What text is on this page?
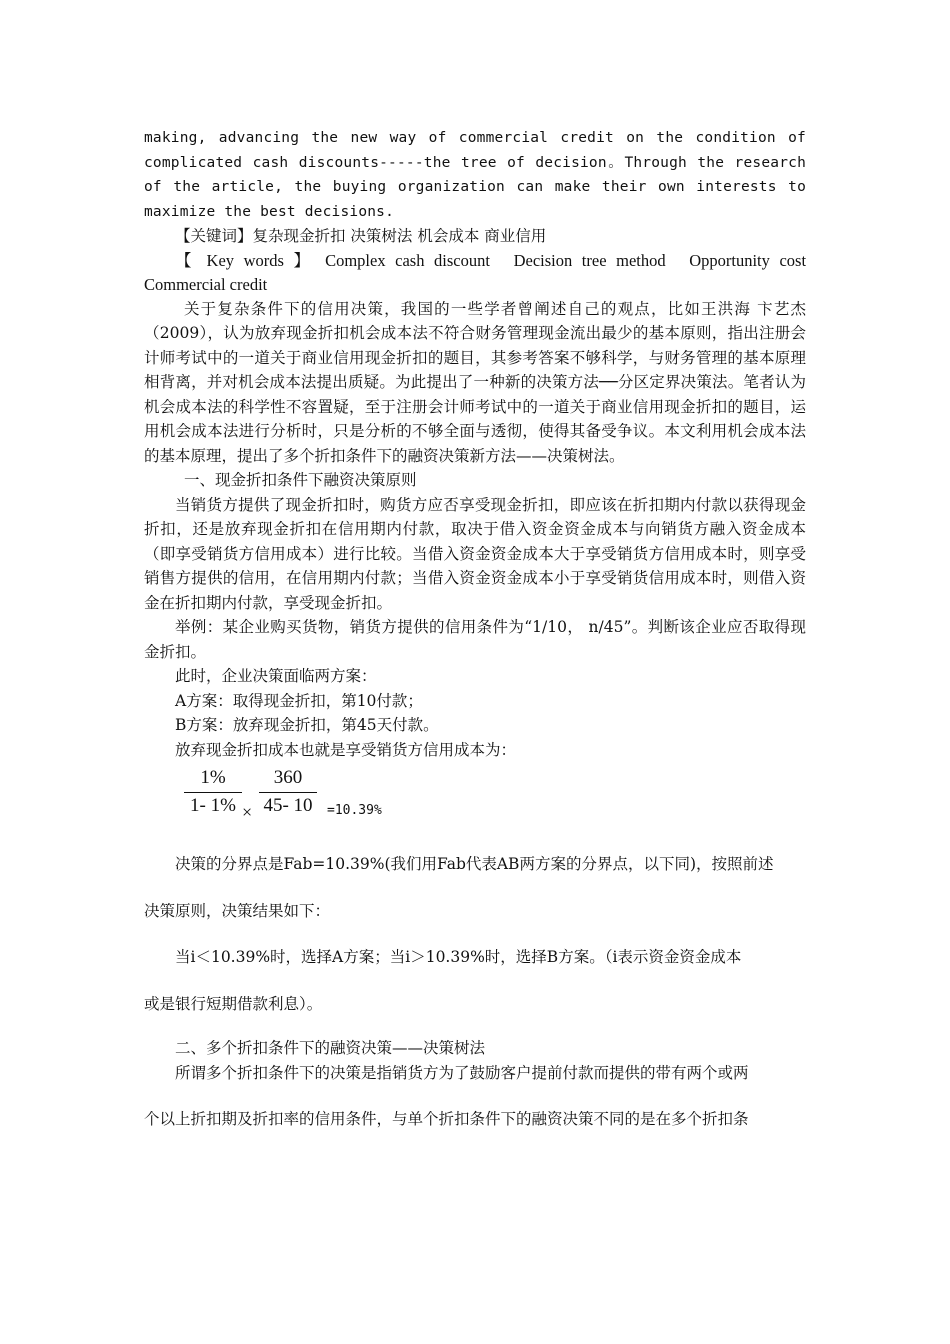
making, advancing the new way of commercial credit on the condition of complicated cash discounts-----the tree of decision。Through the research of the article, the buying organization can make their own interests to maximize the best decisions.

【关键词】复杂现金折扣 决策树法 机会成本 商业信用

【 Key words 】 Complex cash discount Decision tree method Opportunity cost Commercial credit

关于复杂条件下的信用决策，我国的一些学者曾阐述自己的观点，比如王洪海 卞艺杰（2009），认为放弃现金折扣机会成本法不符合财务管理现金流出最少的基本原则，指出注册会计师考试中的一道关于商业信用现金折扣的题目，其参考答案不够科学，与财务管理的基本原理相背离，并对机会成本法提出质疑。为此提出了一种新的决策方法──分区定界决策法。笔者认为机会成本法的科学性不容置疑，至于注册会计师考试中的一道关于商业信用现金折扣的题目，运用机会成本法进行分析时，只是分析的不够全面与透彻，使得其备受争议。本文利用机会成本法的基本原理，提出了多个折扣条件下的融资决策新方法——决策树法。

一、现金折扣条件下融资决策原则

当销货方提供了现金折扣时，购货方应否享受现金折扣，即应该在折扣期内付款以获得现金折扣，还是放弃现金折扣在信用期内付款，取决于借入资金资金成本与向销货方融入资金成本（即享受销货方信用成本）进行比较。当借入资金资金成本大于享受销货方信用成本时，则享受销售方提供的信用，在信用期内付款；当借入资金资金成本小于享受销货信用成本时，则借入资金在折扣期内付款，享受现金折扣。

举例：某企业购买货物，销货方提供的信用条件为“1/10， n/45”。判断该企业应否取得现金折扣。

此时，企业决策面临两方案：

A方案：取得现金折扣，第10付款；

B方案：放弃现金折扣，第45天付款。

放弃现金折扣成本也就是享受销货方信用成本为：

1%
1- 1% ×
360
45- 10	=10.39%

决策的分界点是Fab=10.39%(我们用Fab代表AB两方案的分界点，以下同)，按照前述

决策原则，决策结果如下：

当i＜10.39%时，选择A方案；当i＞10.39%时，选择B方案。（i表示资金资金成本

或是银行短期借款利息）。

二、多个折扣条件下的融资决策——决策树法

所谓多个折扣条件下的决策是指销货方为了鼓励客户提前付款而提供的带有两个或两

个以上折扣期及折扣率的信用条件，与单个折扣条件下的融资决策不同的是在多个折扣条
